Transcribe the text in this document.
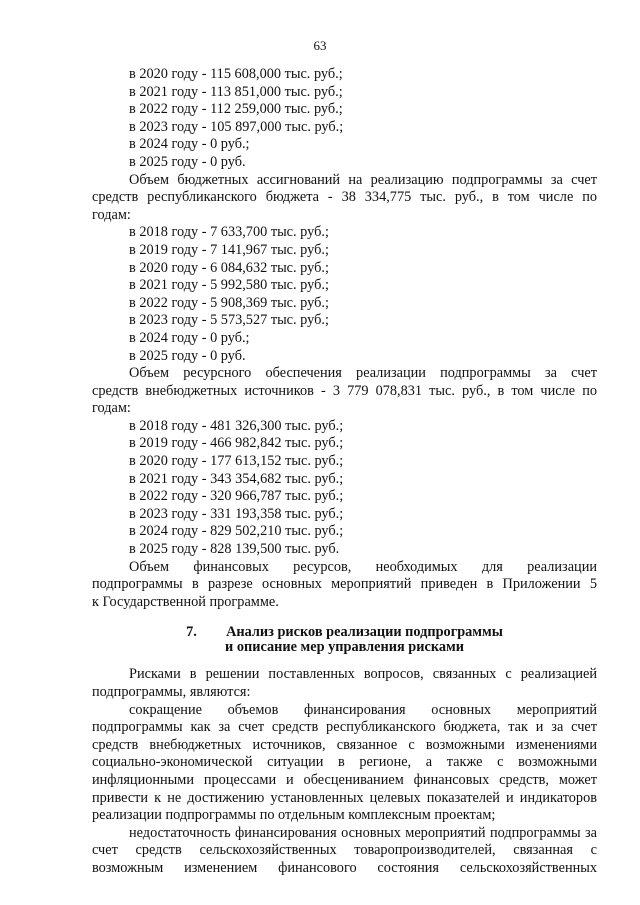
63

в 2020 году - 115 608,000 тыс. руб.;

в 2021 году - 113 851,000 тыс. руб.;

в 2022 году - 112 259,000 тыс. руб.;

в 2023 году - 105 897,000 тыс. руб.;

в 2024 году - 0 руб.;

в 2025 году - 0 руб.

Объем бюджетных ассигнований на реализацию подпрограммы за счет
средств республиканского бюджета - 38 334,775 тыс. руб., в том числе по
годам:

в 2018 году - 7 633,700 тыс. руб.;

в 2019 году - 7 141,967 тыс. руб.;

в 2020 году - 6 084,632 тыс. руб.;

в 2021 году - 5 992,580 тыс. руб.;

в 2022 году - 5 908,369 тыс. руб.;

в 2023 году - 5 573,527 тыс. руб.;

в 2024 году - 0 руб.;

в 2025 году - 0 руб.

Объем ресурсного обеспечения реализации подпрограммы за счет
средств внебюджетных источников - 3 779 078,831 тыс. руб., в том числе по годам:

в 2018 году - 481 326,300 тыс. руб.;

в 2019 году - 466 982,842 тыс. руб.;

в 2020 году - 177 613,152 тыс. руб.;

в 2021 году - 343 354,682 тыс. руб.;

в 2022 году - 320 966,787 тыс. руб.;

в 2023 году - 331 193,358 тыс. руб.;

в 2024 году - 829 502,210 тыс. руб.;

в 2025 году - 828 139,500 тыс. руб.

Объем финансовых ресурсов, необходимых для реализации
подпрограммы в разрезе основных мероприятий приведен в Приложении 5
к Государственной программе.
7. Анализ рисков реализации подпрограммы
и описание мер управления рисками
Рисками в решении поставленных вопросов, связанных с реализацией
подпрограммы, являются:
сокращение объемов финансирования основных мероприятий
подпрограммы как за счет средств республиканского бюджета, так и за счет
средств внебюджетных источников, связанное с возможными изменениями
социально-экономической ситуации в регионе, а также с возможными
инфляционными процессами и обесцениванием финансовых средств, может
привести к не достижению установленных целевых показателей и индикаторов
реализации подпрограммы по отдельным комплексным проектам;
недостаточность финансирования основных мероприятий подпрограммы за
счет средств сельскохозяйственных товаропроизводителей, связанная с
возможным изменением финансового состояния сельскохозяйственных
